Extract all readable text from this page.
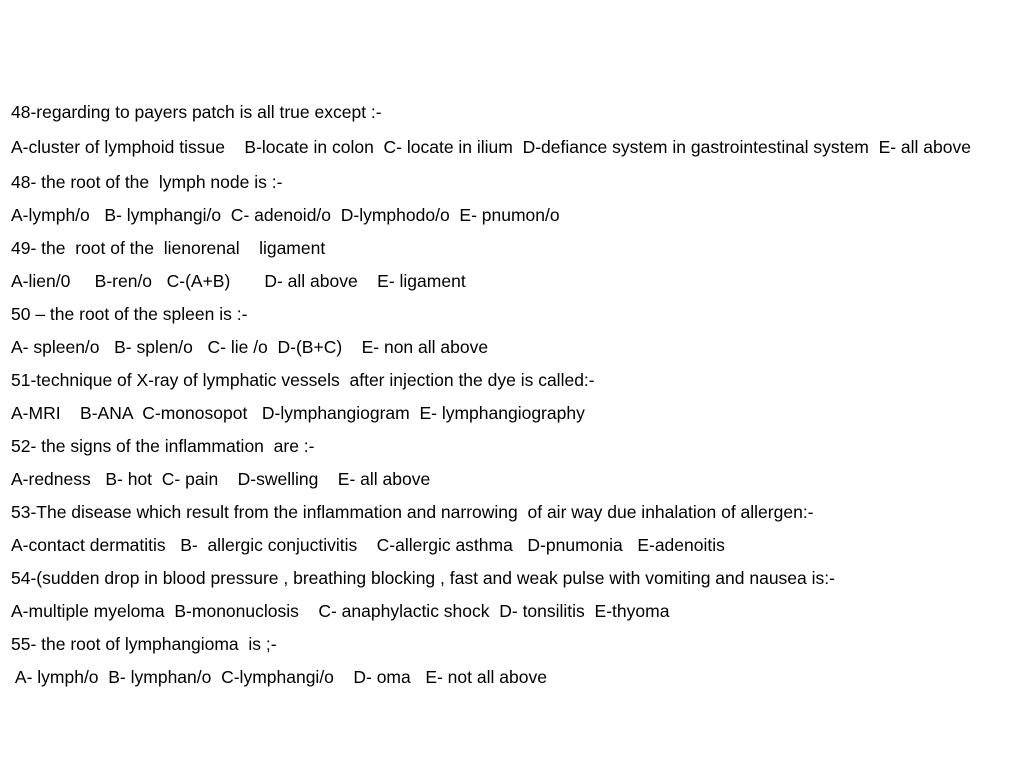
48-regarding to payers patch is all true except :-

A-cluster of lymphoid tissue    B-locate in colon  C- locate in ilium  D-defiance system in gastrointestinal system  E- all above

48- the root of the  lymph node is :-

A-lymph/o   B- lymphangi/o  C- adenoid/o  D-lymphodo/o  E- pnumon/o

49- the  root of the  lienorenal    ligament

A-lien/0     B-ren/o   C-(A+B)       D- all above    E- ligament

50 – the root of the spleen is :-

A- spleen/o   B- splen/o   C- lie /o  D-(B+C)    E- non all above

51-technique of X-ray of lymphatic vessels  after injection the dye is called:-

A-MRI    B-ANA  C-monosopot   D-lymphangiogram  E- lymphangiography

52- the signs of the inflammation  are :-

A-redness   B- hot  C- pain    D-swelling    E- all above

53-The disease which result from the inflammation and narrowing  of air way due inhalation of allergen:-

A-contact dermatitis   B-  allergic conjuctivitis    C-allergic asthma   D-pnumonia   E-adenoitis

54-(sudden drop in blood pressure , breathing blocking , fast and weak pulse with vomiting and nausea is:-

A-multiple myeloma  B-mononuclosis    C- anaphylactic shock  D- tonsilitis  E-thyoma

55- the root of lymphangioma  is ;-

A- lymph/o  B- lymphan/o  C-lymphangi/o    D- oma   E- not all above
